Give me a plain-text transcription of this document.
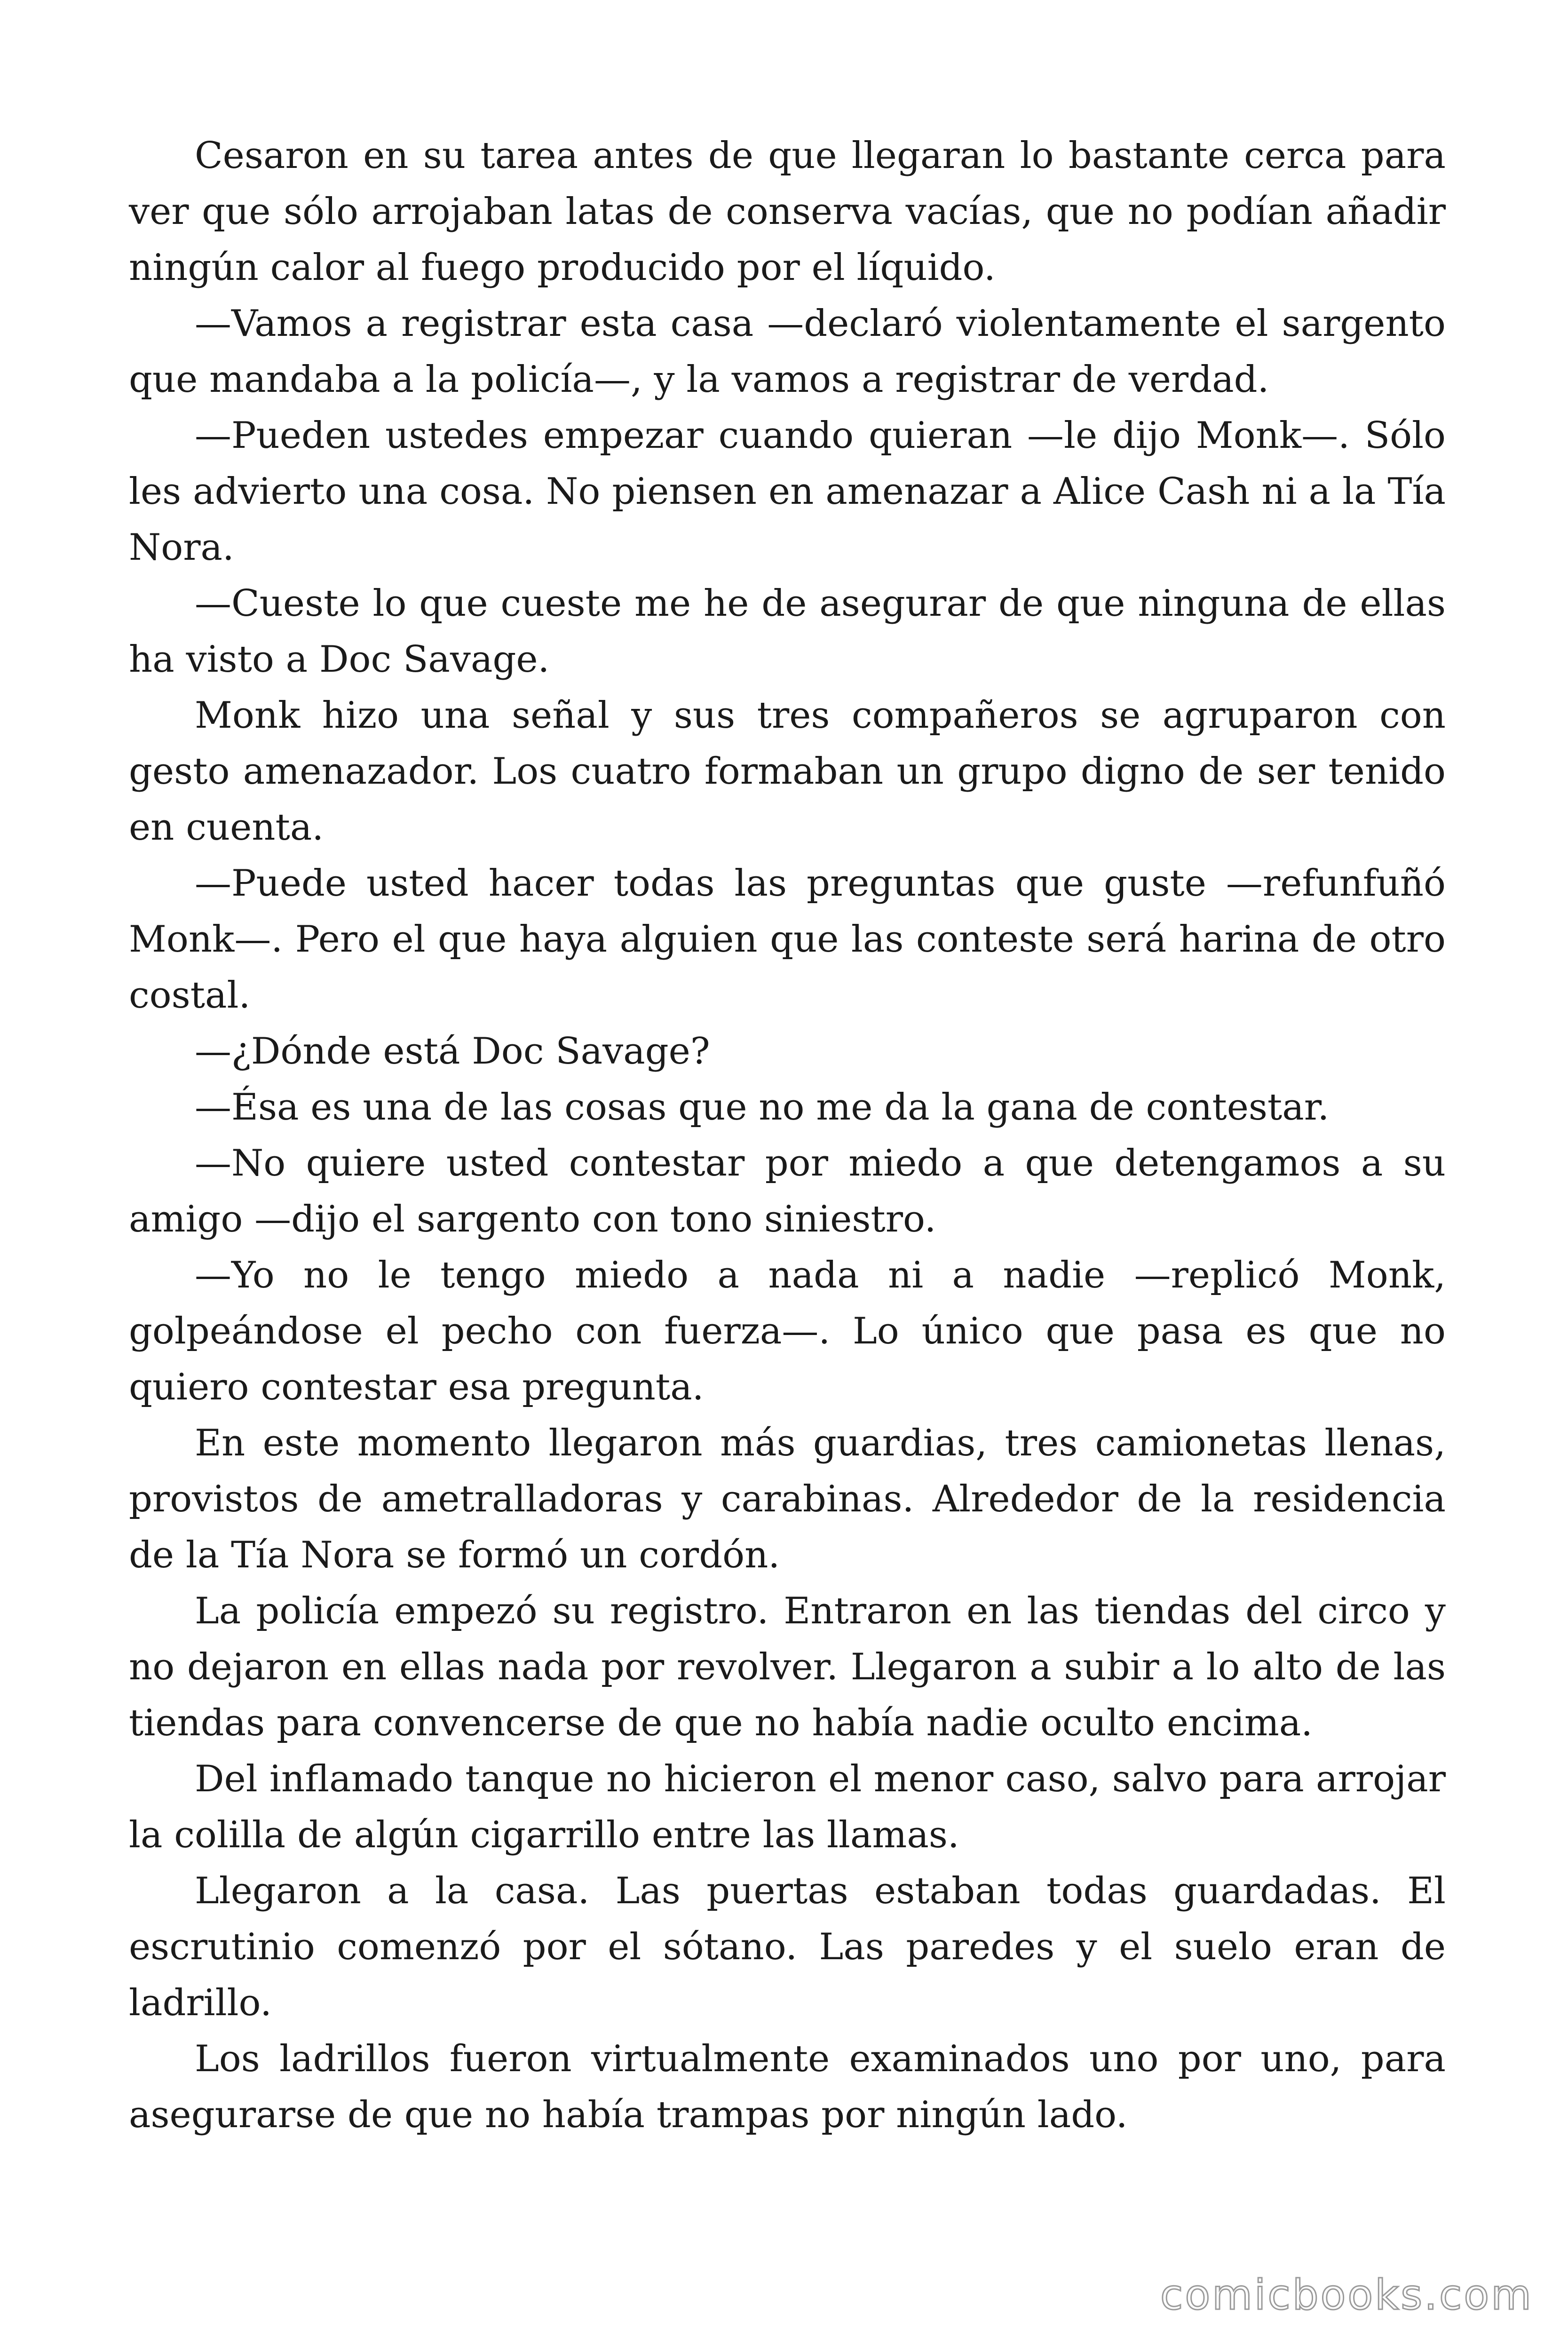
Cesaron en su tarea antes de que llegaran lo bastante cerca para ver que sólo arrojaban latas de conserva vacías, que no podían añadir ningún calor al fuego producido por el líquido.

—Vamos a registrar esta casa —declaró violentamente el sargento que mandaba a la policía—, y la vamos a registrar de verdad.

—Pueden ustedes empezar cuando quieran —le dijo Monk—. Sólo les advierto una cosa. No piensen en amenazar a Alice Cash ni a la Tía Nora.

—Cueste lo que cueste me he de asegurar de que ninguna de ellas ha visto a Doc Savage.

Monk hizo una señal y sus tres compañeros se agruparon con gesto amenazador. Los cuatro formaban un grupo digno de ser tenido en cuenta.

—Puede usted hacer todas las preguntas que guste —refunfuñó Monk—. Pero el que haya alguien que las conteste será harina de otro costal.

—¿Dónde está Doc Savage?

—Ésa es una de las cosas que no me da la gana de contestar.

—No quiere usted contestar por miedo a que detengamos a su amigo —dijo el sargento con tono siniestro.

—Yo no le tengo miedo a nada ni a nadie —replicó Monk, golpeándose el pecho con fuerza—. Lo único que pasa es que no quiero contestar esa pregunta.

En este momento llegaron más guardias, tres camionetas llenas, provistos de ametralladoras y carabinas. Alrededor de la residencia de la Tía Nora se formó un cordón.

La policía empezó su registro. Entraron en las tiendas del circo y no dejaron en ellas nada por revolver. Llegaron a subir a lo alto de las tiendas para convencerse de que no había nadie oculto encima.

Del inflamado tanque no hicieron el menor caso, salvo para arrojar la colilla de algún cigarrillo entre las llamas.

Llegaron a la casa. Las puertas estaban todas guardadas. El escrutinio comenzó por el sótano. Las paredes y el suelo eran de ladrillo.

Los ladrillos fueron virtualmente examinados uno por uno, para asegurarse de que no había trampas por ningún lado.

comicbooks.com
